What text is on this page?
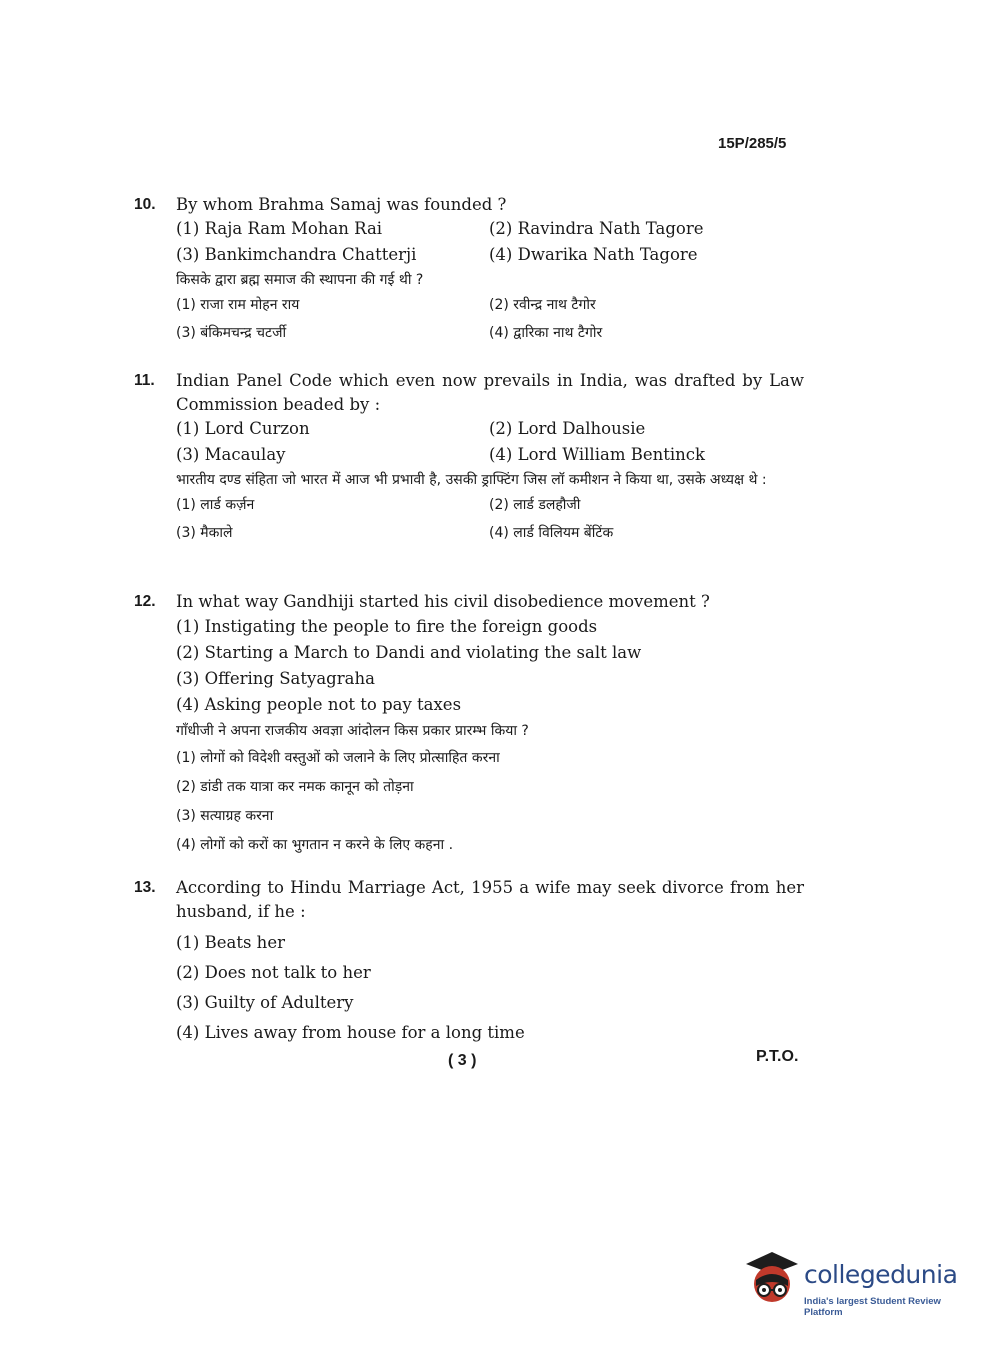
15P/285/5
10. By whom Brahma Samaj was founded ?
(1) Raja Ram Mohan Rai	(2) Ravindra Nath Tagore
(3) Bankimchandra Chatterji	(4) Dwarika Nath Tagore
किसके द्वारा ब्रह्म समाज की स्थापना की गई थी ?
(1) राजा राम मोहन राय	(2) रवीन्द्र नाथ टैगोर
(3) बंकिमचन्द्र चटर्जी	(4) द्वारिका नाथ टैगोर
11. Indian Panel Code which even now prevails in India, was drafted by Law Commission beaded by :
(1) Lord Curzon	(2) Lord Dalhousie
(3) Macaulay	(4) Lord William Bentinck
भारतीय दण्ड संहिता जो भारत में आज भी प्रभावी है, उसकी ड्राफ्टिंग जिस लॉ कमीशन ने किया था, उसके अध्यक्ष थे :
(1) लार्ड कर्ज़न	(2) लार्ड डलहौजी
(3) मैकाले	(4) लार्ड विलियम बेंटिंक
12. In what way Gandhiji started his civil disobedience movement ?
(1) Instigating the people to fire the foreign goods
(2) Starting a March to Dandi and violating the salt law
(3) Offering Satyagraha
(4) Asking people not to pay taxes
गाँधीजी ने अपना राजकीय अवज्ञा आंदोलन किस प्रकार प्रारम्भ किया ?
(1) लोगों को विदेशी वस्तुओं को जलाने के लिए प्रोत्साहित करना
(2) डांडी तक यात्रा कर नमक कानून को तोड़ना
(3) सत्याग्रह करना
(4) लोगों को करों का भुगतान न करने के लिए कहना .
13. According to Hindu Marriage Act, 1955 a wife may seek divorce from her husband, if he :
(1) Beats her
(2) Does not talk to her
(3) Guilty of Adultery
(4) Lives away from house for a long time
( 3 )	P.T.O.
collegedunia
India's largest Student Review Platform
